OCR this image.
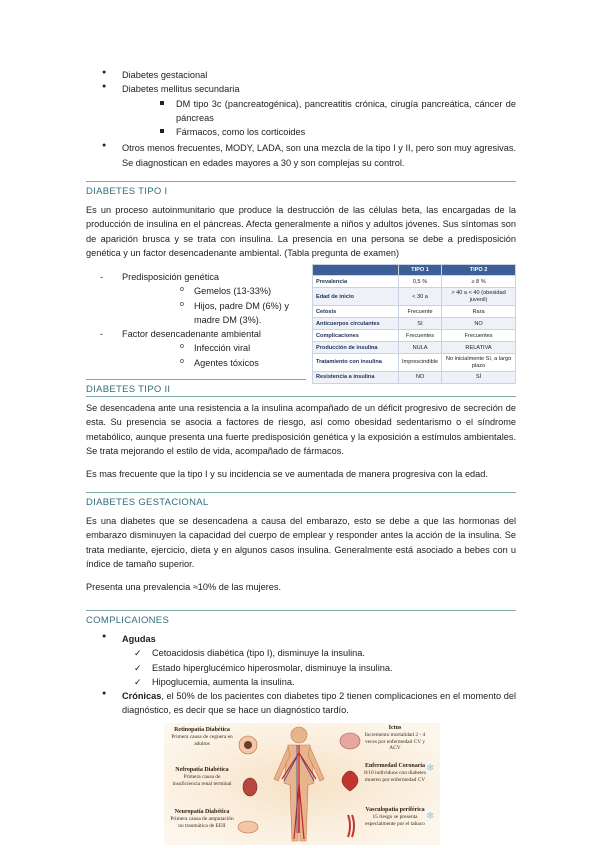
● Diabetes gestacional
● Diabetes mellitus secundaria
DM tipo 3c (pancreatogénica), pancreatitis crónica, cirugía pancreática, cáncer de páncreas
Fármacos, como los corticoides
● Otros menos frecuentes, MODY, LADA, son una mezcla de la tipo I y II, pero son muy agresivas. Se diagnostican en edades mayores a 30 y son complejas su control.
DIABETES TIPO I

Es un proceso autoinmunitario que produce la destrucción de las células beta, las encargadas de la producción de insulina en el páncreas. Afecta generalmente a niños y adultos jóvenes. Sus síntomas son de aparición brusca y se trata con insulina. La presencia en una persona se debe a predisposición genética y un factor desencadenante ambiental. (Tabla pregunta de examen)

- Predisposición genética
o Gemelos (13-33%)
o Hijos, padre DM (6%) y madre DM (3%).
- Factor desencadenante ambiental
o Infección viral
o Agentes tóxicos
	TIPO 1	TIPO 2
Prevalencia	0,5 %	≥ 8 %
Edad de inicio	< 30 a	> 40 a < 40 (obesidad juvenil)
Cetosis	Frecuente	Rara
Anticuerpos circulantes	SI	NO
Complicaciones	Frecuentes	Frecuentes
Producción de insulina	NULA	RELATIVA
Tratamiento con insulina	Imprescindible	No inicialmente Sí, a largo plazo
Resistencia a insulina	NO	SÍ
DIABETES TIPO II

Se desencadena ante una resistencia a la insulina acompañado de un déficit progresivo de secreción de esta. Su presencia se asocia a factores de riesgo, así como obesidad sedentarismo o el síndrome metabólico, aunque presenta una fuerte predisposición genética y la exposición a estímulos ambientales. Se trata mejorando el estilo de vida, acompañado de fármacos.

Es mas frecuente que la tipo I y su incidencia se ve aumentada de manera progresiva con la edad.

DIABETES GESTACIONAL

Es una diabetes que se desencadena a causa del embarazo, esto se debe a que las hormonas del embarazo disminuyen la capacidad del cuerpo de emplear y responder antes la acción de la insulina. Se trata mediante, ejercicio, dieta y en algunos casos insulina. Generalmente está asociado a bebes con u índice de tamaño superior.

Presenta una prevalencia ≈10% de las mujeres.

COMPLICAIONES
● Agudas
✓ Cetoacidosis diabética (tipo I), disminuye la insulina.
✓ Estado hiperglucémico hiperosmolar, disminuye la insulina.
✓ Hipoglucemia, aumenta la insulina.
● Crónicas, el 50% de los pacientes con diabetes tipo 2 tienen complicaciones en el momento del diagnóstico, es decir que se hace un diagnóstico tardío.
❄
❄
Retinopatía Diabética
Primera causa de ceguera en adultos
Nefropatía Diabética
Primera causa de insuficiencia renal terminal
Neuropatía Diabética
Primera causa de amputación no traumática de EEII
Ictus
Incremento mortalidad 2 - 4 veces por enfermedad CV y ACV
Enfermedad Coronaria
8/10 individuos con diabetes mueren por enfermedad CV
Vasculopatía periférica
15 riesgo se presenta especialmente por el tabaco
